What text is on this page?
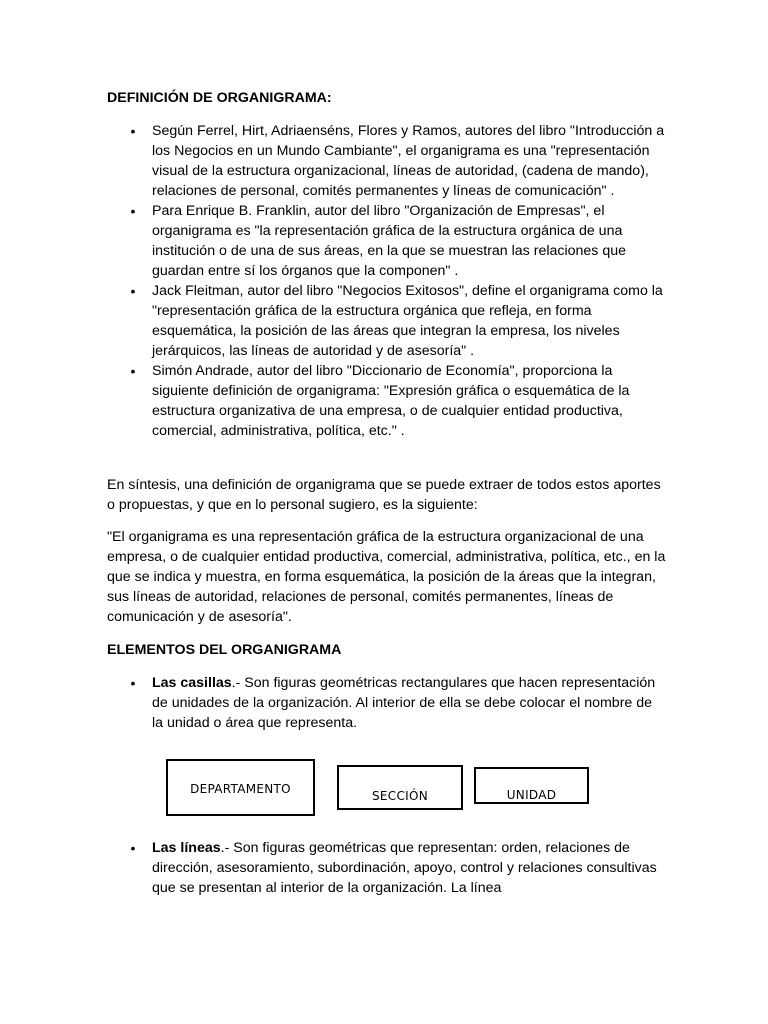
DEFINICIÓN DE ORGANIGRAMA:
• Según Ferrel, Hirt, Adriaenséns, Flores y Ramos, autores del libro "Introducción a los Negocios en un Mundo Cambiante", el organigrama es una "representación visual de la estructura organizacional, líneas de autoridad, (cadena de mando), relaciones de personal, comités permanentes y líneas de comunicación" .
• Para Enrique B. Franklin, autor del libro "Organización de Empresas", el organigrama es "la representación gráfica de la estructura orgánica de una institución o de una de sus áreas, en la que se muestran las relaciones que guardan entre sí los órganos que la componen" .
• Jack Fleitman, autor del libro "Negocios Exitosos", define el organigrama como la "representación gráfica de la estructura orgánica que refleja, en forma esquemática, la posición de las áreas que integran la empresa, los niveles jerárquicos, las líneas de autoridad y de asesoría" .
• Simón Andrade, autor del libro "Diccionario de Economía", proporciona la siguiente definición de organigrama: "Expresión gráfica o esquemática de la estructura organizativa de una empresa, o de cualquier entidad productiva, comercial, administrativa, política, etc." .

En síntesis, una definición de organigrama que se puede extraer de todos estos aportes o propuestas, y que en lo personal sugiero, es la siguiente:

"El organigrama es una representación gráfica de la estructura organizacional de una empresa, o de cualquier entidad productiva, comercial, administrativa, política, etc., en la que se indica y muestra, en forma esquemática, la posición de la áreas que la integran, sus líneas de autoridad, relaciones de personal, comités permanentes, líneas de comunicación y de asesoría".

ELEMENTOS DEL ORGANIGRAMA
• Las casillas.- Son figuras geométricas rectangulares que hacen representación de unidades de la organización. Al interior de ella se debe colocar el nombre de la unidad o área que representa.
DEPARTAMENTO	SECCIÓN	UNIDAD
• Las líneas.- Son figuras geométricas que representan: orden, relaciones de dirección, asesoramiento, subordinación, apoyo, control y relaciones consultivas que se presentan al interior de la organización. La línea
